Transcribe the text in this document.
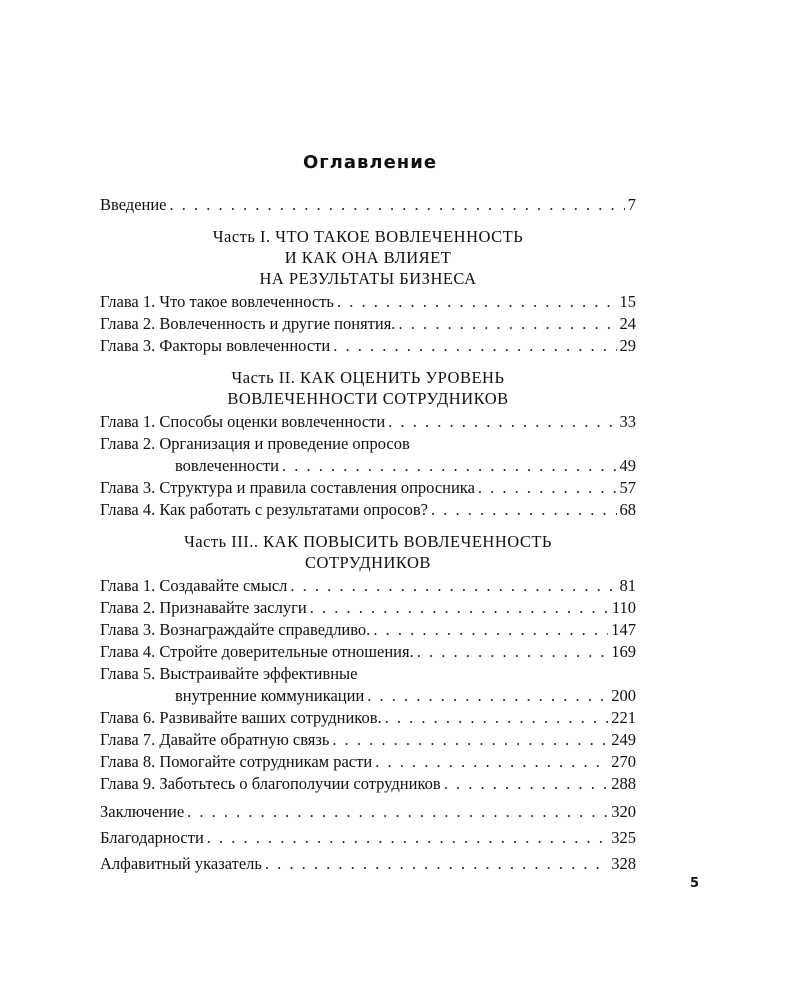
Оглавление
Введение . . .	7
Часть I. ЧТО ТАКОЕ ВОВЛЕЧЕННОСТЬ
И КАК ОНА ВЛИЯЕТ
НА РЕЗУЛЬТАТЫ БИЗНЕСА
Глава 1. Что такое вовлеченность . . .	15
Глава 2. Вовлеченность и другие понятия. . . .	24
Глава 3. Факторы вовлеченности . . .	29
Часть II. КАК ОЦЕНИТЬ УРОВЕНЬ
ВОВЛЕЧЕННОСТИ СОТРУДНИКОВ
Глава 1. Способы оценки вовлеченности . . .	33
Глава 2. Организация и проведение опросов
вовлеченности . . .	49
Глава 3. Структура и правила составления опросника . . .	57
Глава 4. Как работать с результатами опросов? . . .	68
Часть III.. КАК ПОВЫСИТЬ ВОВЛЕЧЕННОСТЬ
СОТРУДНИКОВ
Глава 1. Создавайте смысл . . .	81
Глава 2. Признавайте заслуги . . .	110
Глава 3. Вознаграждайте справедливо. . . .	147
Глава 4. Стройте доверительные отношения. . . .	169
Глава 5. Выстраивайте эффективные
внутренние коммуникации . . .	200
Глава 6. Развивайте ваших сотрудников. . . .	221
Глава 7. Давайте обратную связь . . .	249
Глава 8. Помогайте сотрудникам расти . . .	270
Глава 9. Заботьтесь о благополучии сотрудников . . .	288
Заключение . . .	320
Благодарности . . .	325
Алфавитный указатель . . .	328
5
